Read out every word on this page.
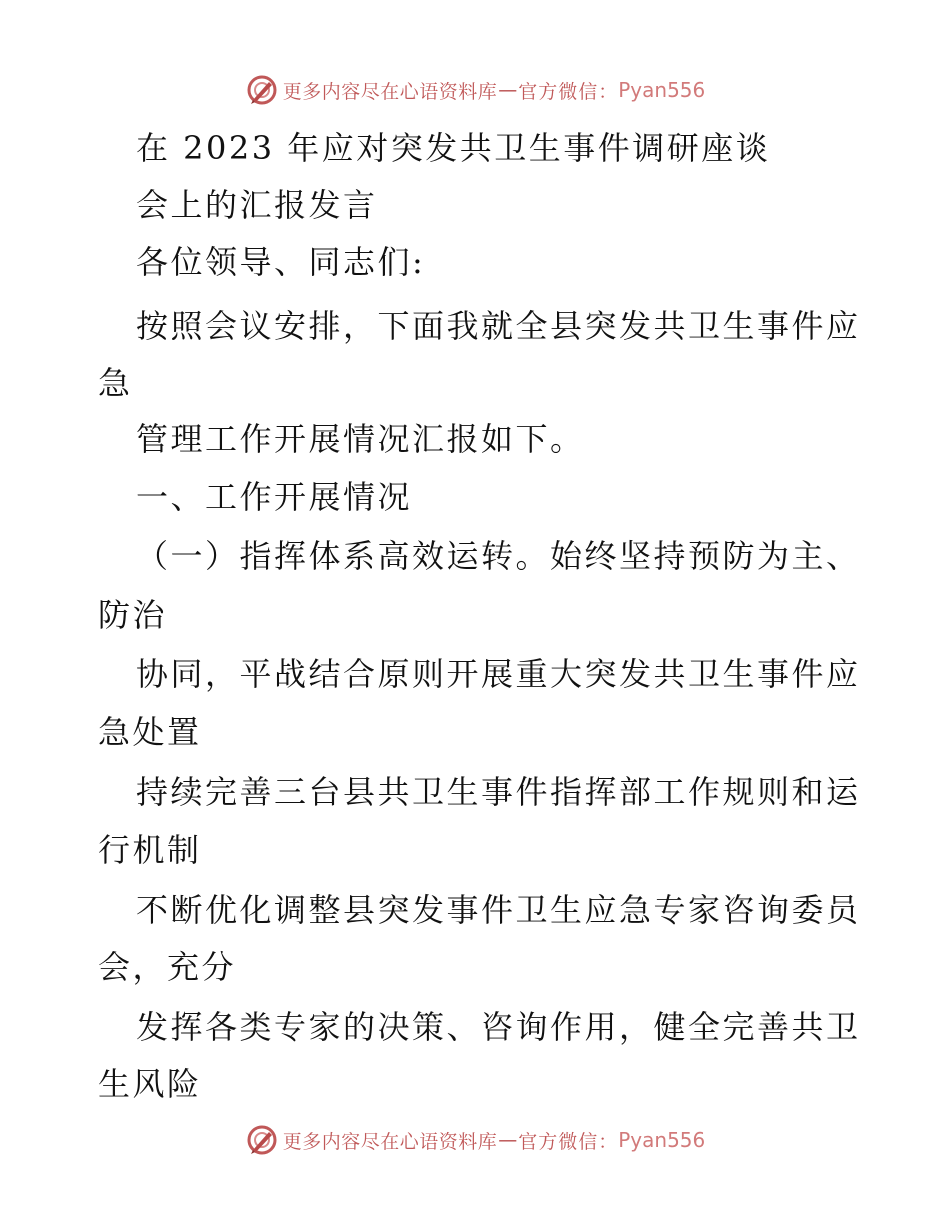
更多内容尽在心语资料库 — 官方微信： Pyan556
在 2023 年应对突发共卫生事件调研座谈
会上的汇报发言
各位领导、同志们:
按照会议安排，下面我就全县突发共卫生事件应
急
管理工作开展情况汇报如下。
一、工作开展情况
（一）指挥体系高效运转。始终坚持预防为主、
防治
协同，平战结合原则开展重大突发共卫生事件应
急处置
持续完善三台县共卫生事件指挥部工作规则和运
行机制
不断优化调整县突发事件卫生应急专家咨询委员
会，充分
发挥各类专家的决策、咨询作用，健全完善共卫
生风险
更多内容尽在心语资料库 — 官方微信： Pyan556
